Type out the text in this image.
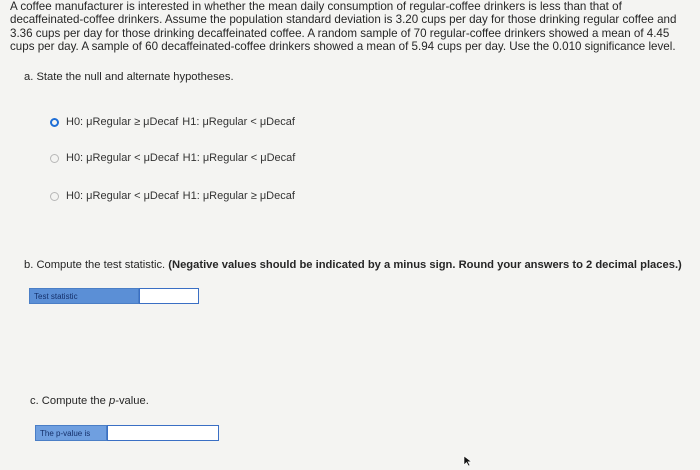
A coffee manufacturer is interested in whether the mean daily consumption of regular-coffee drinkers is less than that of decaffeinated-coffee drinkers. Assume the population standard deviation is 3.20 cups per day for those drinking regular coffee and 3.36 cups per day for those drinking decaffeinated coffee. A random sample of 70 regular-coffee drinkers showed a mean of 4.45 cups per day. A sample of 60 decaffeinated-coffee drinkers showed a mean of 5.94 cups per day. Use the 0.010 significance level.
a. State the null and alternate hypotheses.
H0: μRegular ≥ μDecaf H1: μRegular < μDecaf
H0: μRegular < μDecaf H1: μRegular < μDecaf
H0: μRegular < μDecaf H1: μRegular ≥ μDecaf
b. Compute the test statistic. (Negative values should be indicated by a minus sign. Round your answers to 2 decimal places.)
Test statistic
c. Compute the p-value.
The p-value is
